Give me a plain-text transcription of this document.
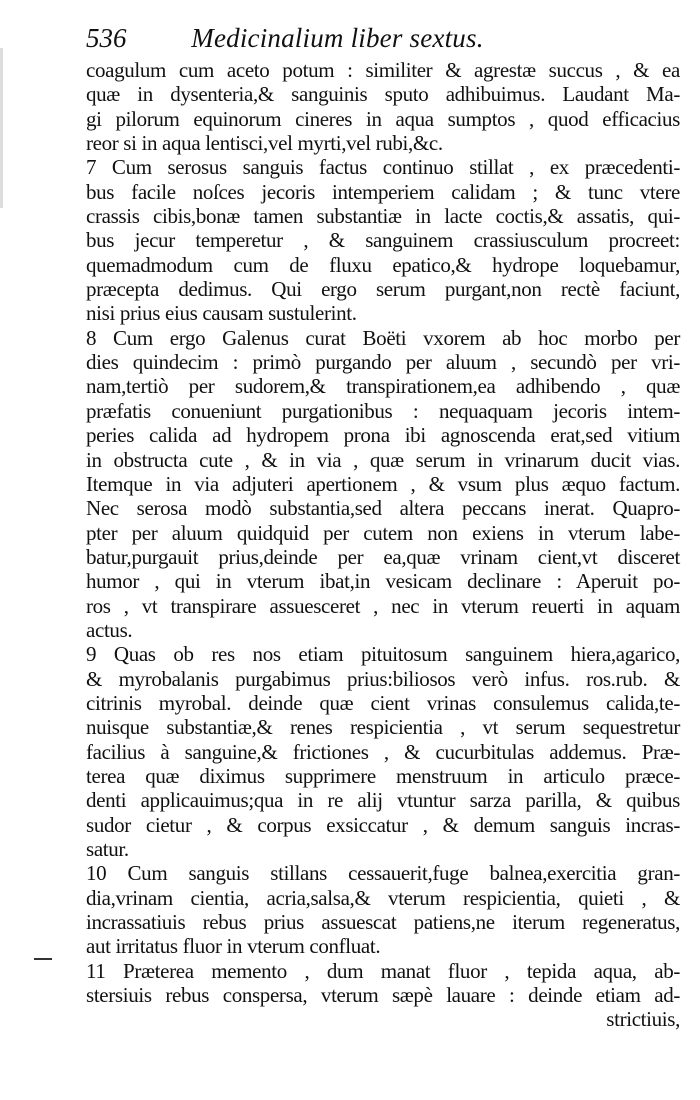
536 Medicinalium liber sextus.
coagulum cum aceto potum : similiter & agrestæ succus , & ea
quæ in dysenteria,& sanguinis sputo adhibuimus. Laudant Ma-
gi pilorum equinorum cineres in aqua sumptos , quod efficacius
reor si in aqua lentisci,vel myrti,vel rubi,&c.
7 Cum serosus sanguis factus continuo stillat , ex præcedenti-
bus facile noſces jecoris intemperiem calidam ; & tunc vtere
crassis cibis,bonæ tamen substantiæ in lacte coctis,& assatis, qui-
bus jecur temperetur , & sanguinem crassiusculum procreet:
quemadmodum cum de fluxu epatico,& hydrope loquebamur,
præcepta dedimus. Qui ergo serum purgant,non rectè faciunt,
nisi prius eius causam sustulerint.
8 Cum ergo Galenus curat Boëti vxorem ab hoc morbo per
dies quindecim : primò purgando per aluum , secundò per vri-
nam,tertiò per sudorem,& transpirationem,ea adhibendo , quæ
præfatis conueniunt purgationibus : nequaquam jecoris intem-
peries calida ad hydropem prona ibi agnoscenda erat,sed vitium
in obstructa cute , & in via , quæ serum in vrinarum ducit vias.
Itemque in via adjuteri apertionem , & vsum plus æquo factum.
Nec serosa modò substantia,sed altera peccans inerat. Quapro-
pter per aluum quidquid per cutem non exiens in vterum labe-
batur,purgauit prius,deinde per ea,quæ vrinam cient,vt disceret
humor , qui in vterum ibat,in vesicam declinare : Aperuit po-
ros , vt transpirare assuesceret , nec in vterum reuerti in aquam
actus.
9 Quas ob res nos etiam pituitosum sanguinem hiera,agarico,
& myrobalanis purgabimus prius:biliosos verò infus. ros.rub. &
citrinis myrobal. deinde quæ cient vrinas consulemus calida,te-
nuisque substantiæ,& renes respicientia , vt serum sequestretur
facilius à sanguine,& frictiones , & cucurbitulas addemus. Præ-
terea quæ diximus supprimere menstruum in articulo præce-
denti applicauimus;qua in re alij vtuntur sarza parilla, & quibus
sudor cietur , & corpus exsiccatur , & demum sanguis incras-
satur.
10 Cum sanguis stillans cessauerit,fuge balnea,exercitia gran-
dia,vrinam cientia, acria,salsa,& vterum respicientia, quieti , &
incrassatiuis rebus prius assuescat patiens,ne iterum regeneratus,
aut irritatus fluor in vterum confluat.
11 Præterea memento , dum manat fluor , tepida aqua, ab-
stersiuis rebus conspersa, vterum sæpè lauare : deinde etiam ad-
strictiuis,
